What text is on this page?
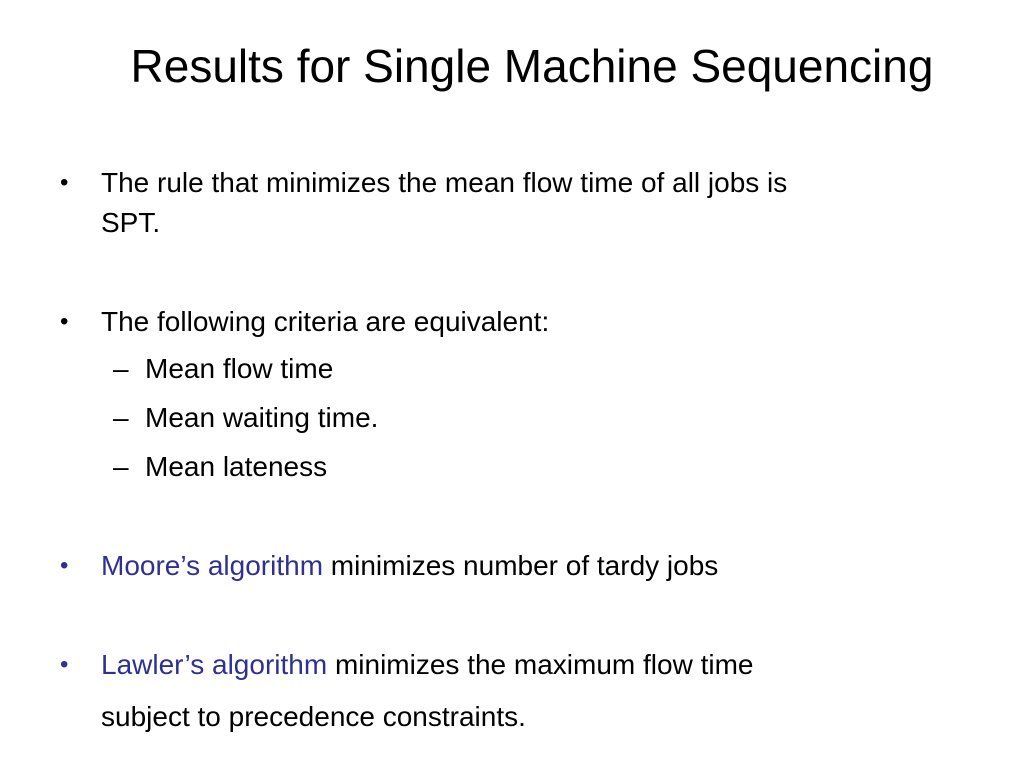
Results for Single Machine Sequencing
• The rule that minimizes the mean flow time of all jobs is
SPT.
• The following criteria are equivalent:
– Mean flow time
– Mean waiting time.
– Mean lateness
• Moore’s algorithm minimizes number of tardy jobs
• Lawler’s algorithm minimizes the maximum flow time
subject to precedence constraints.
